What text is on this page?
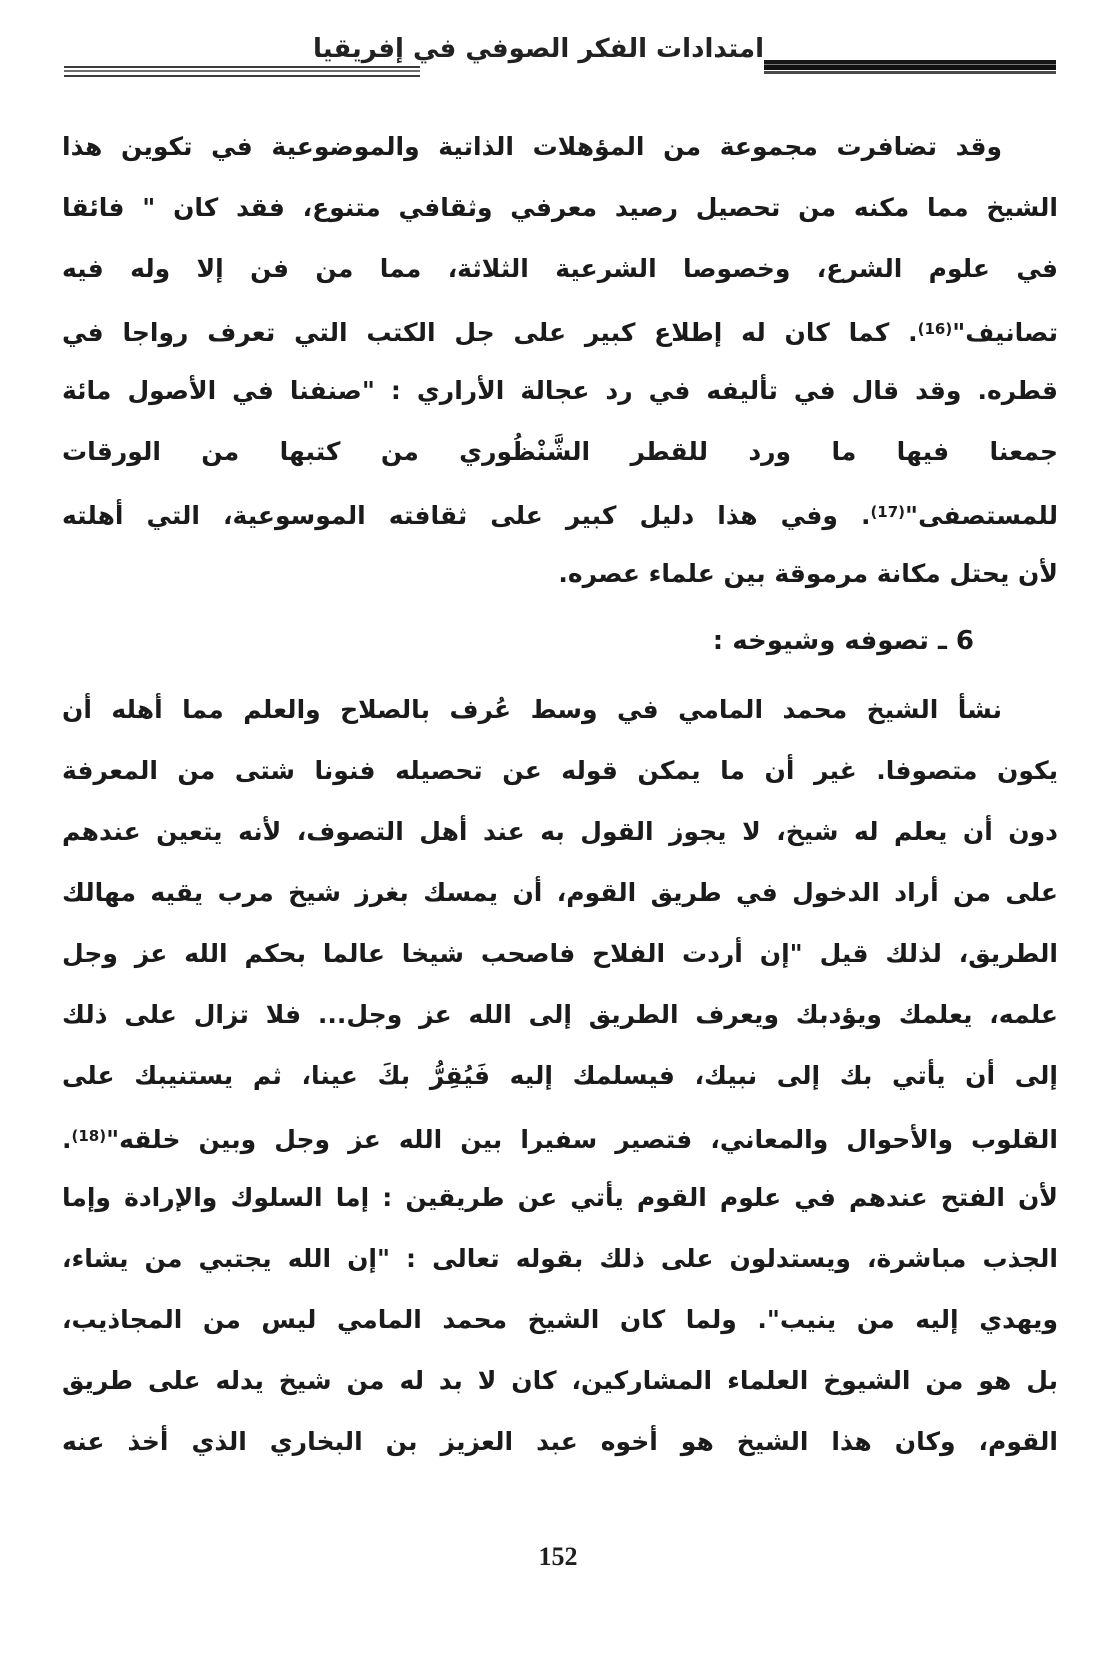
امتدادات الفكر الصوفي في إفريقيا
وقد تضافرت مجموعة من المؤهلات الذاتية والموضوعية في تكوين هذا
الشيخ مما مكنه من تحصيل رصيد معرفي وثقافي متنوع، فقد كان " فائقا
في علوم الشرع، وخصوصا الشرعية الثلاثة، مما من فن إلا وله فيه
تصانيف"$^{(16)}$. كما كان له إطلاع كبير على جل الكتب التي تعرف رواجا في
قطره. وقد قال في تأليفه في رد عجالة الأراري : "صنفنا في الأصول مائة
جمعنا فيها ما ورد للقطر الشَّنْظُوري من كتبها من الورقات
للمستصفى"$^{(17)}$. وفي هذا دليل كبير على ثقافته الموسوعية، التي أهلته
لأن يحتل مكانة مرموقة بين علماء عصره.
6 ـ تصوفه وشيوخه :
نشأ الشيخ محمد المامي في وسط عُرف بالصلاح والعلم مما أهله أن
يكون متصوفا. غير أن ما يمكن قوله عن تحصيله فنونا شتى من المعرفة
دون أن يعلم له شيخ، لا يجوز القول به عند أهل التصوف، لأنه يتعين عندهم
على من أراد الدخول في طريق القوم، أن يمسك بغرز شيخ مرب يقيه مهالك
الطريق، لذلك قيل "إن أردت الفلاح فاصحب شيخا عالما بحكم الله عز وجل
علمه، يعلمك ويؤدبك ويعرف الطريق إلى الله عز وجل... فلا تزال على ذلك
إلى أن يأتي بك إلى نبيك، فيسلمك إليه فَيُقِرُّ بكَ عينا، ثم يستنيبك على
القلوب والأحوال والمعاني، فتصير سفيرا بين الله عز وجل وبين خلقه"$^{(18)}$.
لأن الفتح عندهم في علوم القوم يأتي عن طريقين : إما السلوك والإرادة وإما
الجذب مباشرة، ويستدلون على ذلك بقوله تعالى : "إن الله يجتبي من يشاء،
ويهدي إليه من ينيب". ولما كان الشيخ محمد المامي ليس من المجاذيب،
بل هو من الشيوخ العلماء المشاركين، كان لا بد له من شيخ يدله على طريق
القوم، وكان هذا الشيخ هو أخوه عبد العزيز بن البخاري الذي أخذ عنه
152
